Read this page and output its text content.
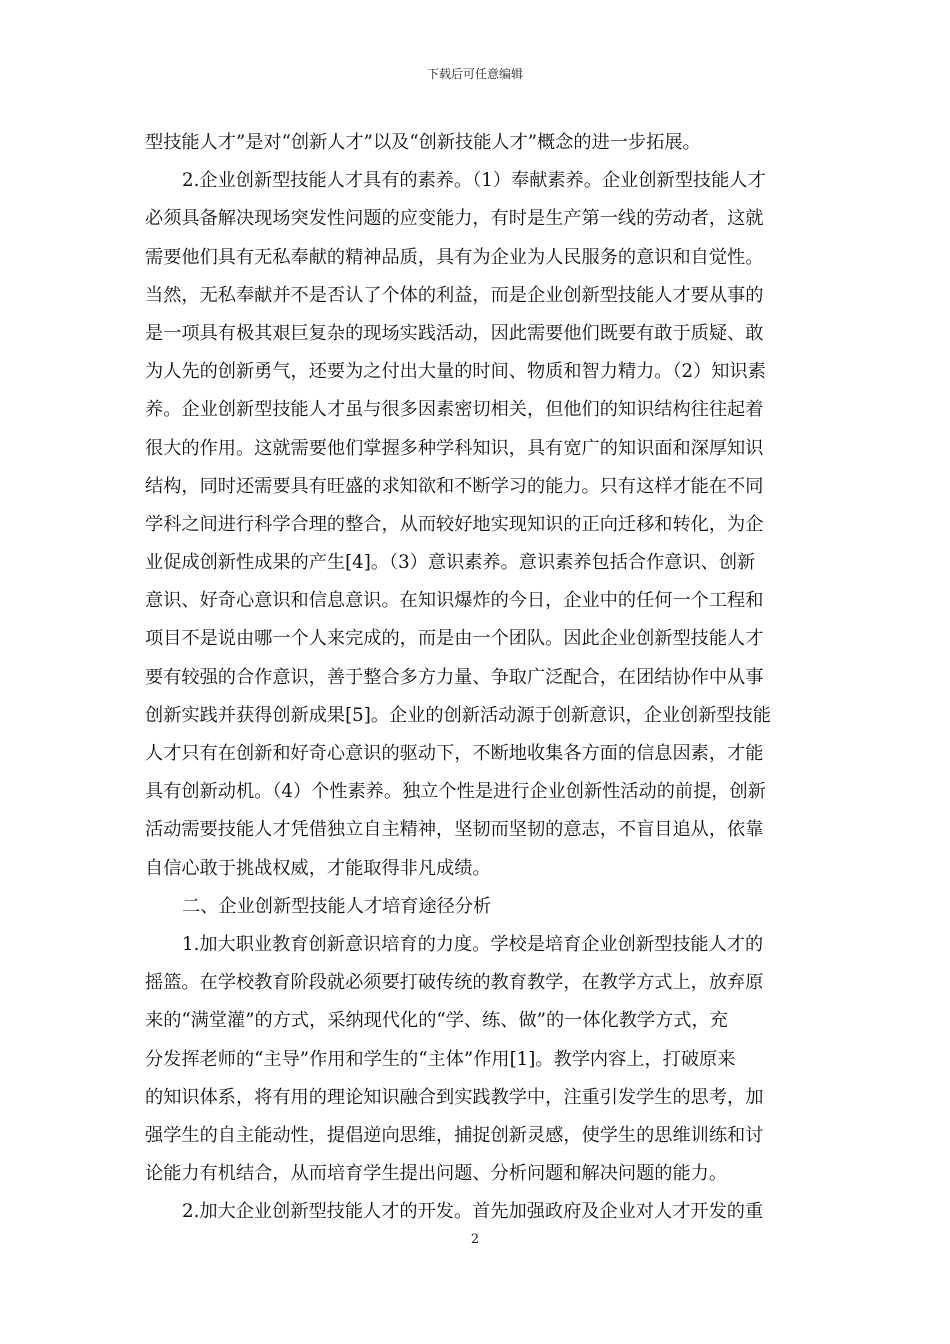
下载后可任意编辑
型技能人才”是对“创新人才”以及“创新技能人才”概念的进一步拓展。
2.企业创新型技能人才具有的素养。（1）奉献素养。企业创新型技能人才
必须具备解决现场突发性问题的应变能力，有时是生产第一线的劳动者，这就
需要他们具有无私奉献的精神品质，具有为企业为人民服务的意识和自觉性。
当然，无私奉献并不是否认了个体的利益，而是企业创新型技能人才要从事的
是一项具有极其艰巨复杂的现场实践活动，因此需要他们既要有敢于质疑、敢
为人先的创新勇气，还要为之付出大量的时间、物质和智力精力。（2）知识素
养。企业创新型技能人才虽与很多因素密切相关，但他们的知识结构往往起着
很大的作用。这就需要他们掌握多种学科知识，具有宽广的知识面和深厚知识
结构，同时还需要具有旺盛的求知欲和不断学习的能力。只有这样才能在不同
学科之间进行科学合理的整合，从而较好地实现知识的正向迁移和转化，为企
业促成创新性成果的产生[4]。（3）意识素养。意识素养包括合作意识、创新
意识、好奇心意识和信息意识。在知识爆炸的今日，企业中的任何一个工程和
项目不是说由哪一个人来完成的，而是由一个团队。因此企业创新型技能人才
要有较强的合作意识，善于整合多方力量、争取广泛配合，在团结协作中从事
创新实践并获得创新成果[5]。企业的创新活动源于创新意识，企业创新型技能
人才只有在创新和好奇心意识的驱动下，不断地收集各方面的信息因素，才能
具有创新动机。（4）个性素养。独立个性是进行企业创新性活动的前提，创新
活动需要技能人才凭借独立自主精神，坚韧而坚韧的意志，不盲目追从，依靠
自信心敢于挑战权威，才能取得非凡成绩。
二、企业创新型技能人才培育途径分析
1.加大职业教育创新意识培育的力度。学校是培育企业创新型技能人才的
摇篮。在学校教育阶段就必须要打破传统的教育教学，在教学方式上，放弃原
来的“满堂灌”的方式，采纳现代化的“学、练、做”的一体化教学方式，充
分发挥老师的“主导”作用和学生的“主体”作用[1]。教学内容上，打破原来
的知识体系，将有用的理论知识融合到实践教学中，注重引发学生的思考，加
强学生的自主能动性，提倡逆向思维，捕捉创新灵感，使学生的思维训练和讨
论能力有机结合，从而培育学生提出问题、分析问题和解决问题的能力。
2.加大企业创新型技能人才的开发。首先加强政府及企业对人才开发的重
2
